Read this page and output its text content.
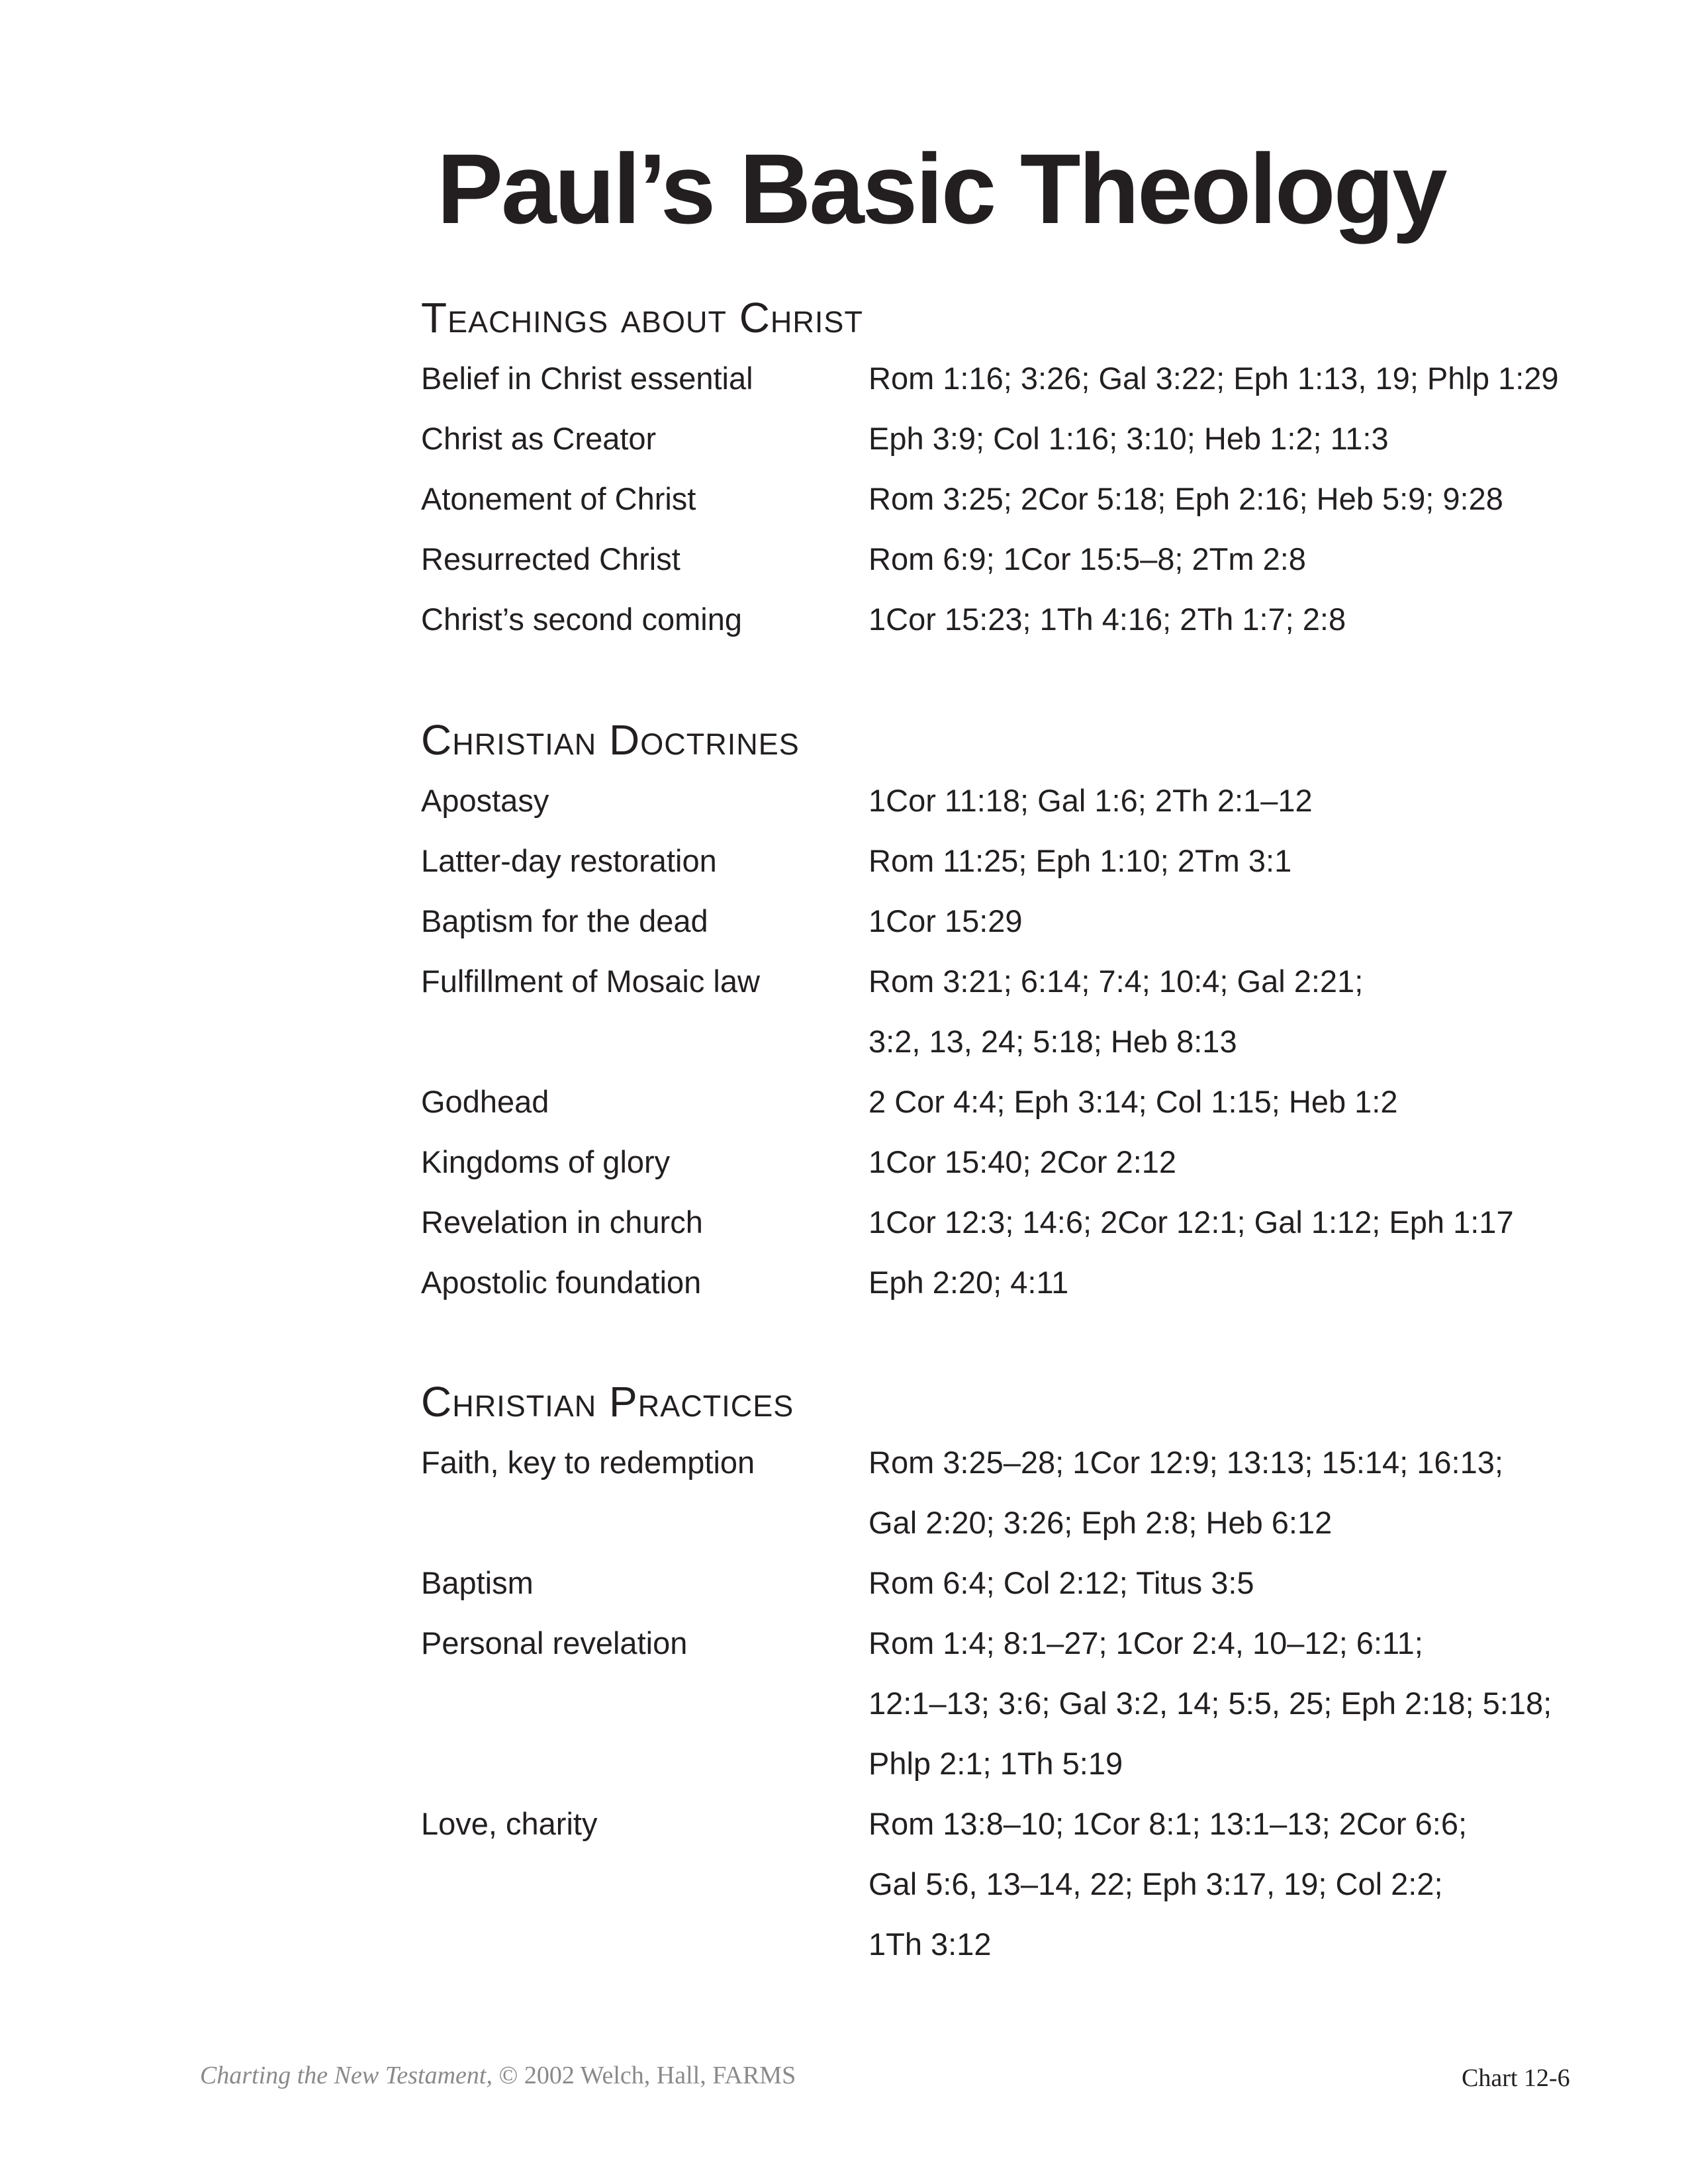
Paul’s Basic Theology
Teachings about Christ
Belief in Christ essential	Rom 1:16; 3:26; Gal 3:22; Eph 1:13, 19; Phlp 1:29
Christ as Creator	Eph 3:9; Col 1:16; 3:10; Heb 1:2; 11:3
Atonement of Christ	Rom 3:25; 2Cor 5:18; Eph 2:16; Heb 5:9; 9:28
Resurrected Christ	Rom 6:9; 1Cor 15:5–8; 2Tm 2:8
Christ’s second coming	1Cor 15:23; 1Th 4:16; 2Th 1:7; 2:8
Christian Doctrines
Apostasy	1Cor 11:18; Gal 1:6; 2Th 2:1–12
Latter-day restoration	Rom 11:25; Eph 1:10; 2Tm 3:1
Baptism for the dead	1Cor 15:29
Fulfillment of Mosaic law	Rom 3:21; 6:14; 7:4; 10:4; Gal 2:21;
3:2, 13, 24; 5:18; Heb 8:13
Godhead	2 Cor 4:4; Eph 3:14; Col 1:15; Heb 1:2
Kingdoms of glory	1Cor 15:40; 2Cor 2:12
Revelation in church	1Cor 12:3; 14:6; 2Cor 12:1; Gal 1:12; Eph 1:17
Apostolic foundation	Eph 2:20; 4:11
Christian Practices
Faith, key to redemption	Rom 3:25–28; 1Cor 12:9; 13:13; 15:14; 16:13;
Gal 2:20; 3:26; Eph 2:8; Heb 6:12
Baptism	Rom 6:4; Col 2:12; Titus 3:5
Personal revelation	Rom 1:4; 8:1–27; 1Cor 2:4, 10–12; 6:11;
12:1–13; 3:6; Gal 3:2, 14; 5:5, 25; Eph 2:18; 5:18;
Phlp 2:1; 1Th 5:19
Love, charity	Rom 13:8–10; 1Cor 8:1; 13:1–13; 2Cor 6:6;
Gal 5:6, 13–14, 22; Eph 3:17, 19; Col 2:2;
1Th 3:12
Charting the New Testament, © 2002 Welch, Hall, FARMS	Chart 12-6
